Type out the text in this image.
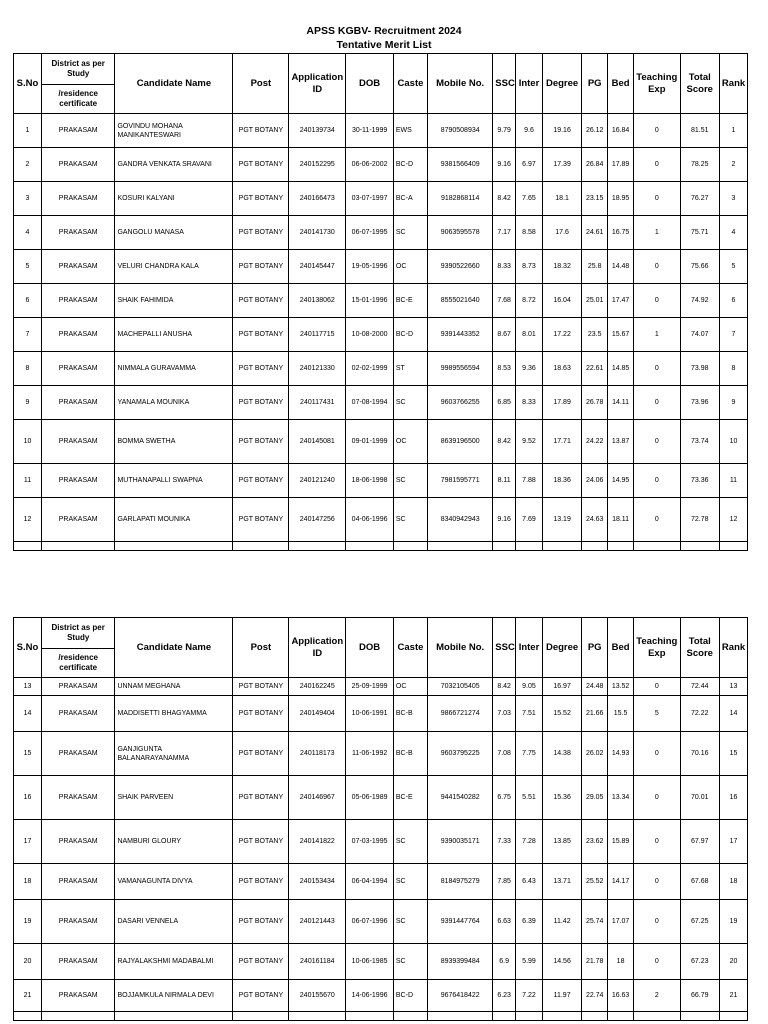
APSS KGBV- Recruitment 2024
Tentative Merit List
S.No	District as per Study	Candidate Name	Post	Application ID	DOB	Caste	Mobile No.	SSC	Inter	Degree	PG	Bed	Teaching Exp	Total Score	Rank
	/residence certificate														
1	PRAKASAM	GOVINDU MOHANA MANIKANTESWARI	PGT BOTANY	240139734	30-11-1999	EWS	8790508934	9.79	9.6	19.16	26.12	16.84	0	81.51	1
2	PRAKASAM	GANDRA VENKATA SRAVANI	PGT BOTANY	240152295	06-06-2002	BC-D	9381566409	9.16	6.97	17.39	26.84	17.89	0	78.25	2
3	PRAKASAM	KOSURI KALYANI	PGT BOTANY	240166473	03-07-1997	BC-A	9182868114	8.42	7.65	18.1	23.15	18.95	0	76.27	3
4	PRAKASAM	GANGOLU MANASA	PGT BOTANY	240141730	06-07-1995	SC	9063595578	7.17	8.58	17.6	24.61	16.75	1	75.71	4
5	PRAKASAM	VELURI CHANDRA KALA	PGT BOTANY	240145447	19-05-1996	OC	9390522660	8.33	8.73	18.32	25.8	14.48	0	75.66	5
6	PRAKASAM	SHAIK FAHIMIDA	PGT BOTANY	240138062	15-01-1996	BC-E	8555021640	7.68	8.72	16.04	25.01	17.47	0	74.92	6
7	PRAKASAM	MACHEPALLI ANUSHA	PGT BOTANY	240117715	10-08-2000	BC-D	9391443352	8.67	8.01	17.22	23.5	15.67	1	74.07	7
8	PRAKASAM	NIMMALA GURAVAMMA	PGT BOTANY	240121330	02-02-1999	ST	9989556594	8.53	9.36	18.63	22.61	14.85	0	73.98	8
9	PRAKASAM	YANAMALA MOUNIKA	PGT BOTANY	240117431	07-08-1994	SC	9603766255	6.85	8.33	17.89	26.78	14.11	0	73.96	9
10	PRAKASAM	BOMMA SWETHA	PGT BOTANY	240145081	09-01-1999	OC	8639196500	8.42	9.52	17.71	24.22	13.87	0	73.74	10
11	PRAKASAM	MUTHANAPALLI SWAPNA	PGT BOTANY	240121240	18-06-1998	SC	7981595771	8.11	7.88	18.36	24.06	14.95	0	73.36	11
12	PRAKASAM	GARLAPATI MOUNIKA	PGT BOTANY	240147256	04-06-1996	SC	8340942943	9.16	7.69	13.19	24.63	18.11	0	72.78	12

S.No	District as per Study	Candidate Name	Post	Application ID	DOB	Caste	Mobile No.	SSC	Inter	Degree	PG	Bed	Teaching Exp	Total Score	Rank
	/residence certificate														
13	PRAKASAM	UNNAM MEGHANA	PGT BOTANY	240162245	25-09-1999	OC	7032105405	8.42	9.05	16.97	24.48	13.52	0	72.44	13
14	PRAKASAM	MADDISETTI BHAGYAMMA	PGT BOTANY	240149404	10-06-1991	BC-B	9866721274	7.03	7.51	15.52	21.66	15.5	5	72.22	14
15	PRAKASAM	GANJIGUNTA BALANARAYANAMMA	PGT BOTANY	240118173	11-06-1992	BC-B	9603795225	7.08	7.75	14.38	26.02	14.93	0	70.16	15
16	PRAKASAM	SHAIK PARVEEN	PGT BOTANY	240146967	05-06-1989	BC-E	9441540282	6.75	5.51	15.36	29.05	13.34	0	70.01	16
17	PRAKASAM	NAMBURI GLOURY	PGT BOTANY	240141822	07-03-1995	SC	9390035171	7.33	7.28	13.85	23.62	15.89	0	67.97	17
18	PRAKASAM	VAMANAGUNTA DIVYA	PGT BOTANY	240153434	06-04-1994	SC	8184975279	7.85	6.43	13.71	25.52	14.17	0	67.68	18
19	PRAKASAM	DASARI VENNELA	PGT BOTANY	240121443	06-07-1996	SC	9391447764	6.63	6.39	11.42	25.74	17.07	0	67.25	19
20	PRAKASAM	RAJYALAKSHMI MADABALMI	PGT BOTANY	240161184	10-06-1985	SC	8939399484	6.9	5.99	14.56	21.78	18	0	67.23	20
21	PRAKASAM	BOJJAMKULA NIRMALA DEVI	PGT BOTANY	240155670	14-06-1996	BC-D	9676418422	6.23	7.22	11.97	22.74	16.63	2	66.79	21
